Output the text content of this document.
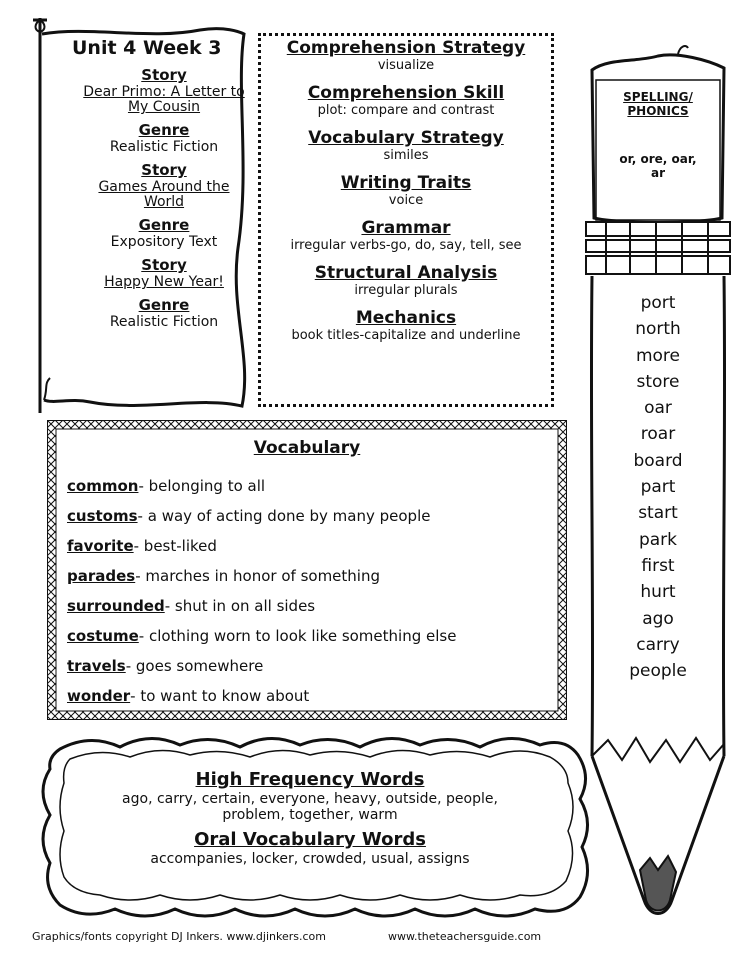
Unit 4 Week 3
Story
Dear Primo: A Letter to My Cousin
Genre
Realistic Fiction
Story
Games Around the World
Genre
Expository Text
Story
Happy New Year!
Genre
Realistic Fiction
Comprehension Strategy
visualize
Comprehension Skill
plot: compare and contrast
Vocabulary Strategy
similes
Writing Traits
voice
Grammar
irregular verbs-go, do, say, tell, see
Structural Analysis
irregular plurals
Mechanics
book titles-capitalize and underline
Vocabulary
common- belonging to all
customs- a way of acting done by many people
favorite- best-liked
parades- marches in honor of something
surrounded- shut in on all sides
costume- clothing worn to look like something else
travels- goes somewhere
wonder- to want to know about
High Frequency Words
ago, carry, certain, everyone, heavy, outside, people,
problem, together, warm
Oral Vocabulary Words
accompanies, locker, crowded, usual, assigns
SPELLING/
PHONICS
or, ore, oar,
ar
port
north
more
store
oar
roar
board
part
start
park
first
hurt
ago
carry
people
Graphics/fonts copyright DJ Inkers. www.djinkers.com	www.theteachersguide.com
